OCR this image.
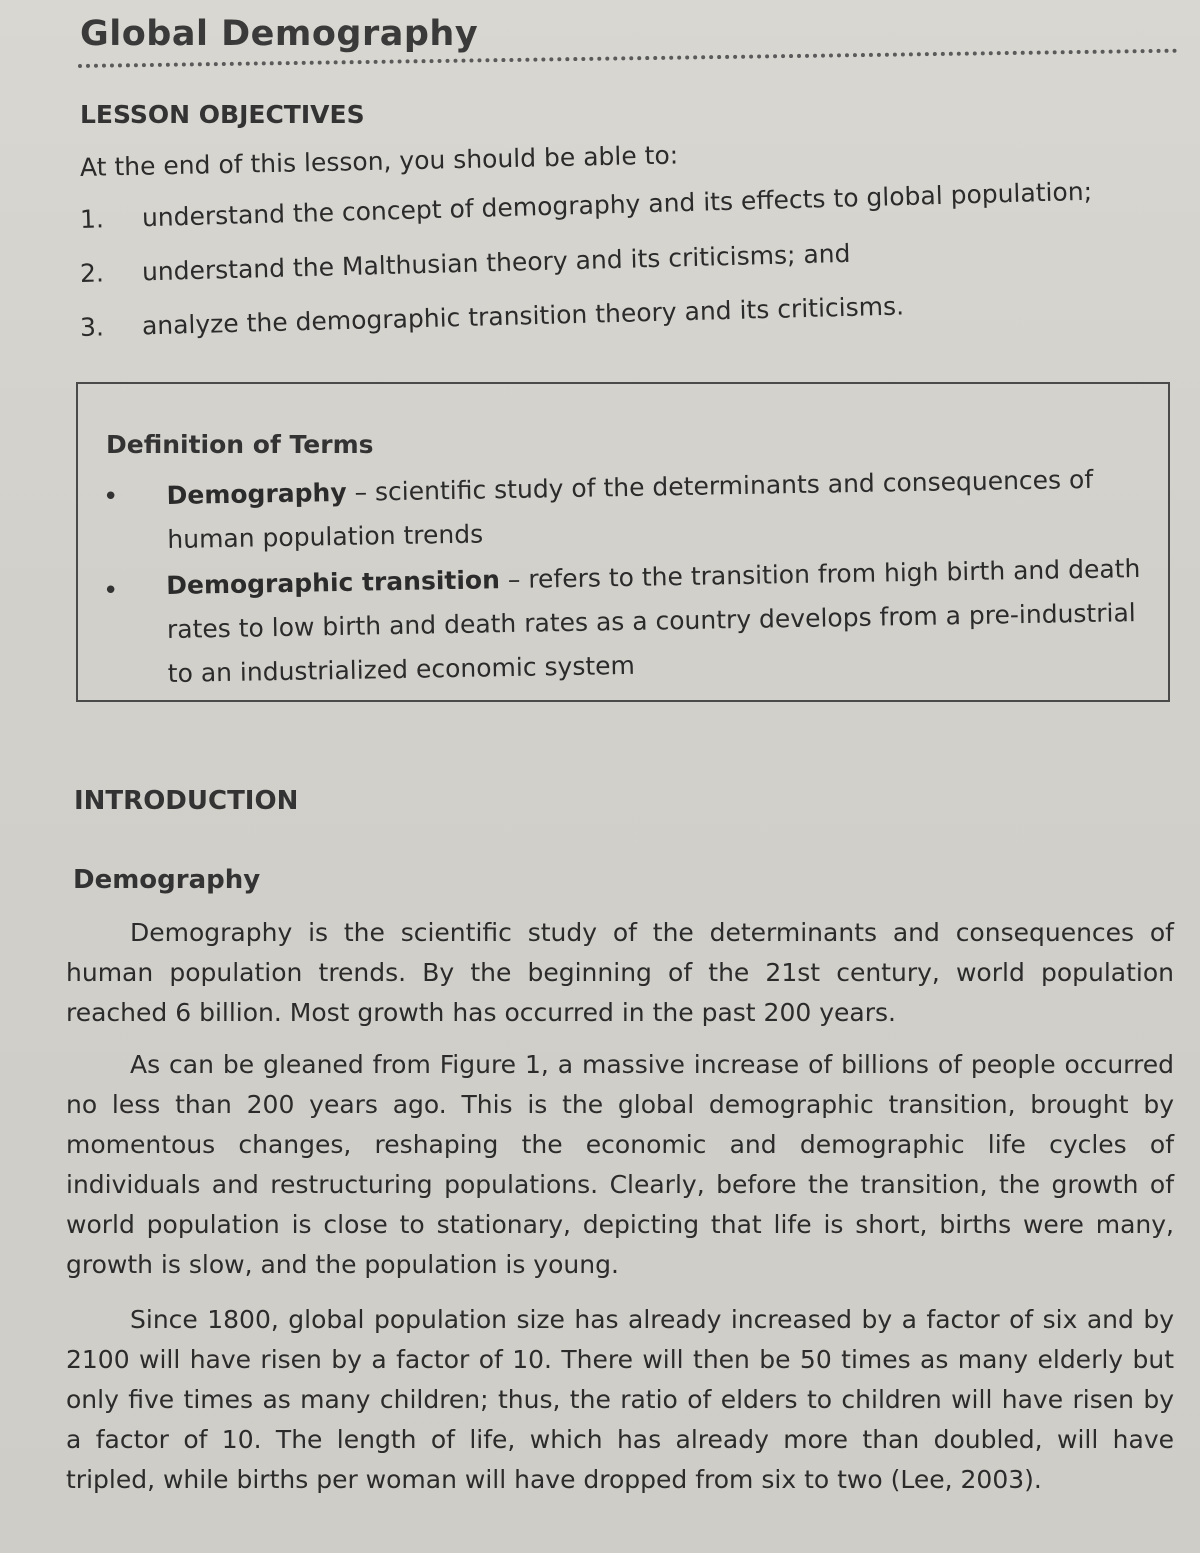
Global Demography
LESSON OBJECTIVES
At the end of this lesson, you should be able to:
1. understand the concept of demography and its effects to global population;
2. understand the Malthusian theory and its criticisms; and
3. analyze the demographic transition theory and its criticisms.
Definition of Terms
• Demography – scientific study of the determinants and consequences of human population trends
• Demographic transition – refers to the transition from high birth and death rates to low birth and death rates as a country develops from a pre-industrial to an industrialized economic system
INTRODUCTION
Demography
Demography is the scientific study of the determinants and consequences of human population trends. By the beginning of the 21st century, world population reached 6 billion. Most growth has occurred in the past 200 years.
As can be gleaned from Figure 1, a massive increase of billions of people occurred no less than 200 years ago. This is the global demographic transition, brought by momentous changes, reshaping the economic and demographic life cycles of individuals and restructuring populations. Clearly, before the transition, the growth of world population is close to stationary, depicting that life is short, births were many, growth is slow, and the population is young.
Since 1800, global population size has already increased by a factor of six and by 2100 will have risen by a factor of 10. There will then be 50 times as many elderly but only five times as many children; thus, the ratio of elders to children will have risen by a factor of 10. The length of life, which has already more than doubled, will have tripled, while births per woman will have dropped from six to two (Lee, 2003).
